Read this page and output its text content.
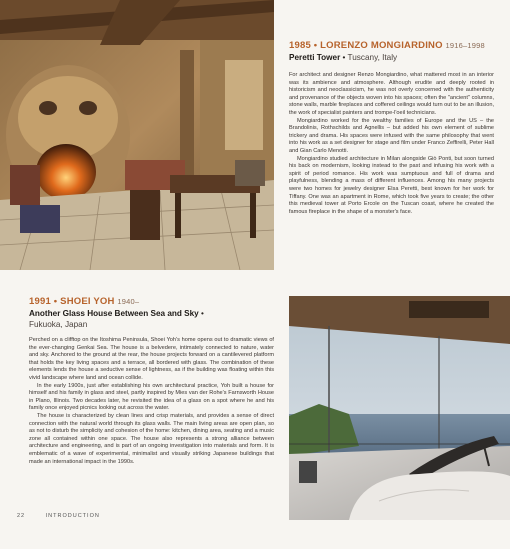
1985 • LORENZO MONGIARDINO 1916–1998
Peretti Tower • Tuscany, Italy

For architect and designer Renzo Mongiardino, what mattered most in an interior was its ambience and atmosphere. Although erudite and deeply rooted in historicism and neoclassicism, he was not overly concerned with the authenticity and provenance of the objects woven into his spaces; often the "ancient" columns, stone walls, marble fireplaces and coffered ceilings would turn out to be an illusion, the work of specialist painters and trompe-l'oeil technicians.

Mongiardino worked for the wealthy families of Europe and the US – the Brandolinis, Rothschilds and Agnellis – but added his own element of sublime trickery and drama. His spaces were infused with the same philosophy that went into his work as a set designer for stage and film under Franco Zeffirelli, Peter Hall and Gian Carlo Menotti.

Mongiardino studied architecture in Milan alongside Giò Ponti, but soon turned his back on modernism, looking instead to the past and infusing his work with a spirit of period romance. His work was sumptuous and full of drama and playfulness, blending a mass of different influences. Among his many projects were two homes for jewelry designer Elsa Peretti, best known for her work for Tiffany. One was an apartment in Rome, which took five years to create; the other this medieval tower at Porto Ercole on the Tuscan coast, where he created the famous fireplace in the shape of a monster's face.

1991 • SHOEI YOH 1940–
Another Glass House Between Sea and Sky •
Fukuoka, Japan

Perched on a clifftop on the Itoshima Peninsula, Shoei Yoh's home opens out to dramatic views of the ever-changing Genkai Sea. The house is a belvedere, intimately connected to nature, water and sky. Anchored to the ground at the rear, the house projects forward on a cantilevered platform that holds the key living spaces and a terrace, all bordered with glass. The combination of these elements lends the house a seductive sense of lightness, as if the building was floating within this vivid landscape where land and ocean collide.

In the early 1900s, just after establishing his own architectural practice, Yoh built a house for himself and his family in glass and steel, partly inspired by Mies van der Rohe's Farnsworth House in Plano, Illinois. Two decades later, he revisited the idea of a glass on a spot where he and his family once enjoyed picnics looking out across the water.

The house is characterized by clean lines and crisp materials, and provides a sense of direct connection with the natural world through its glass walls. The main living areas are open plan, so as not to disturb the simplicity and cohesion of the home: kitchen, dining area, seating and a music zone all contained within one space. The house also represents a strong alliance between architecture and engineering, and is part of an ongoing investigation into materials and form. It is emblematic of a wave of experimental, minimalist and visually striking Japanese buildings that made an international impact in the 1990s.

22	INTRODUCTION
